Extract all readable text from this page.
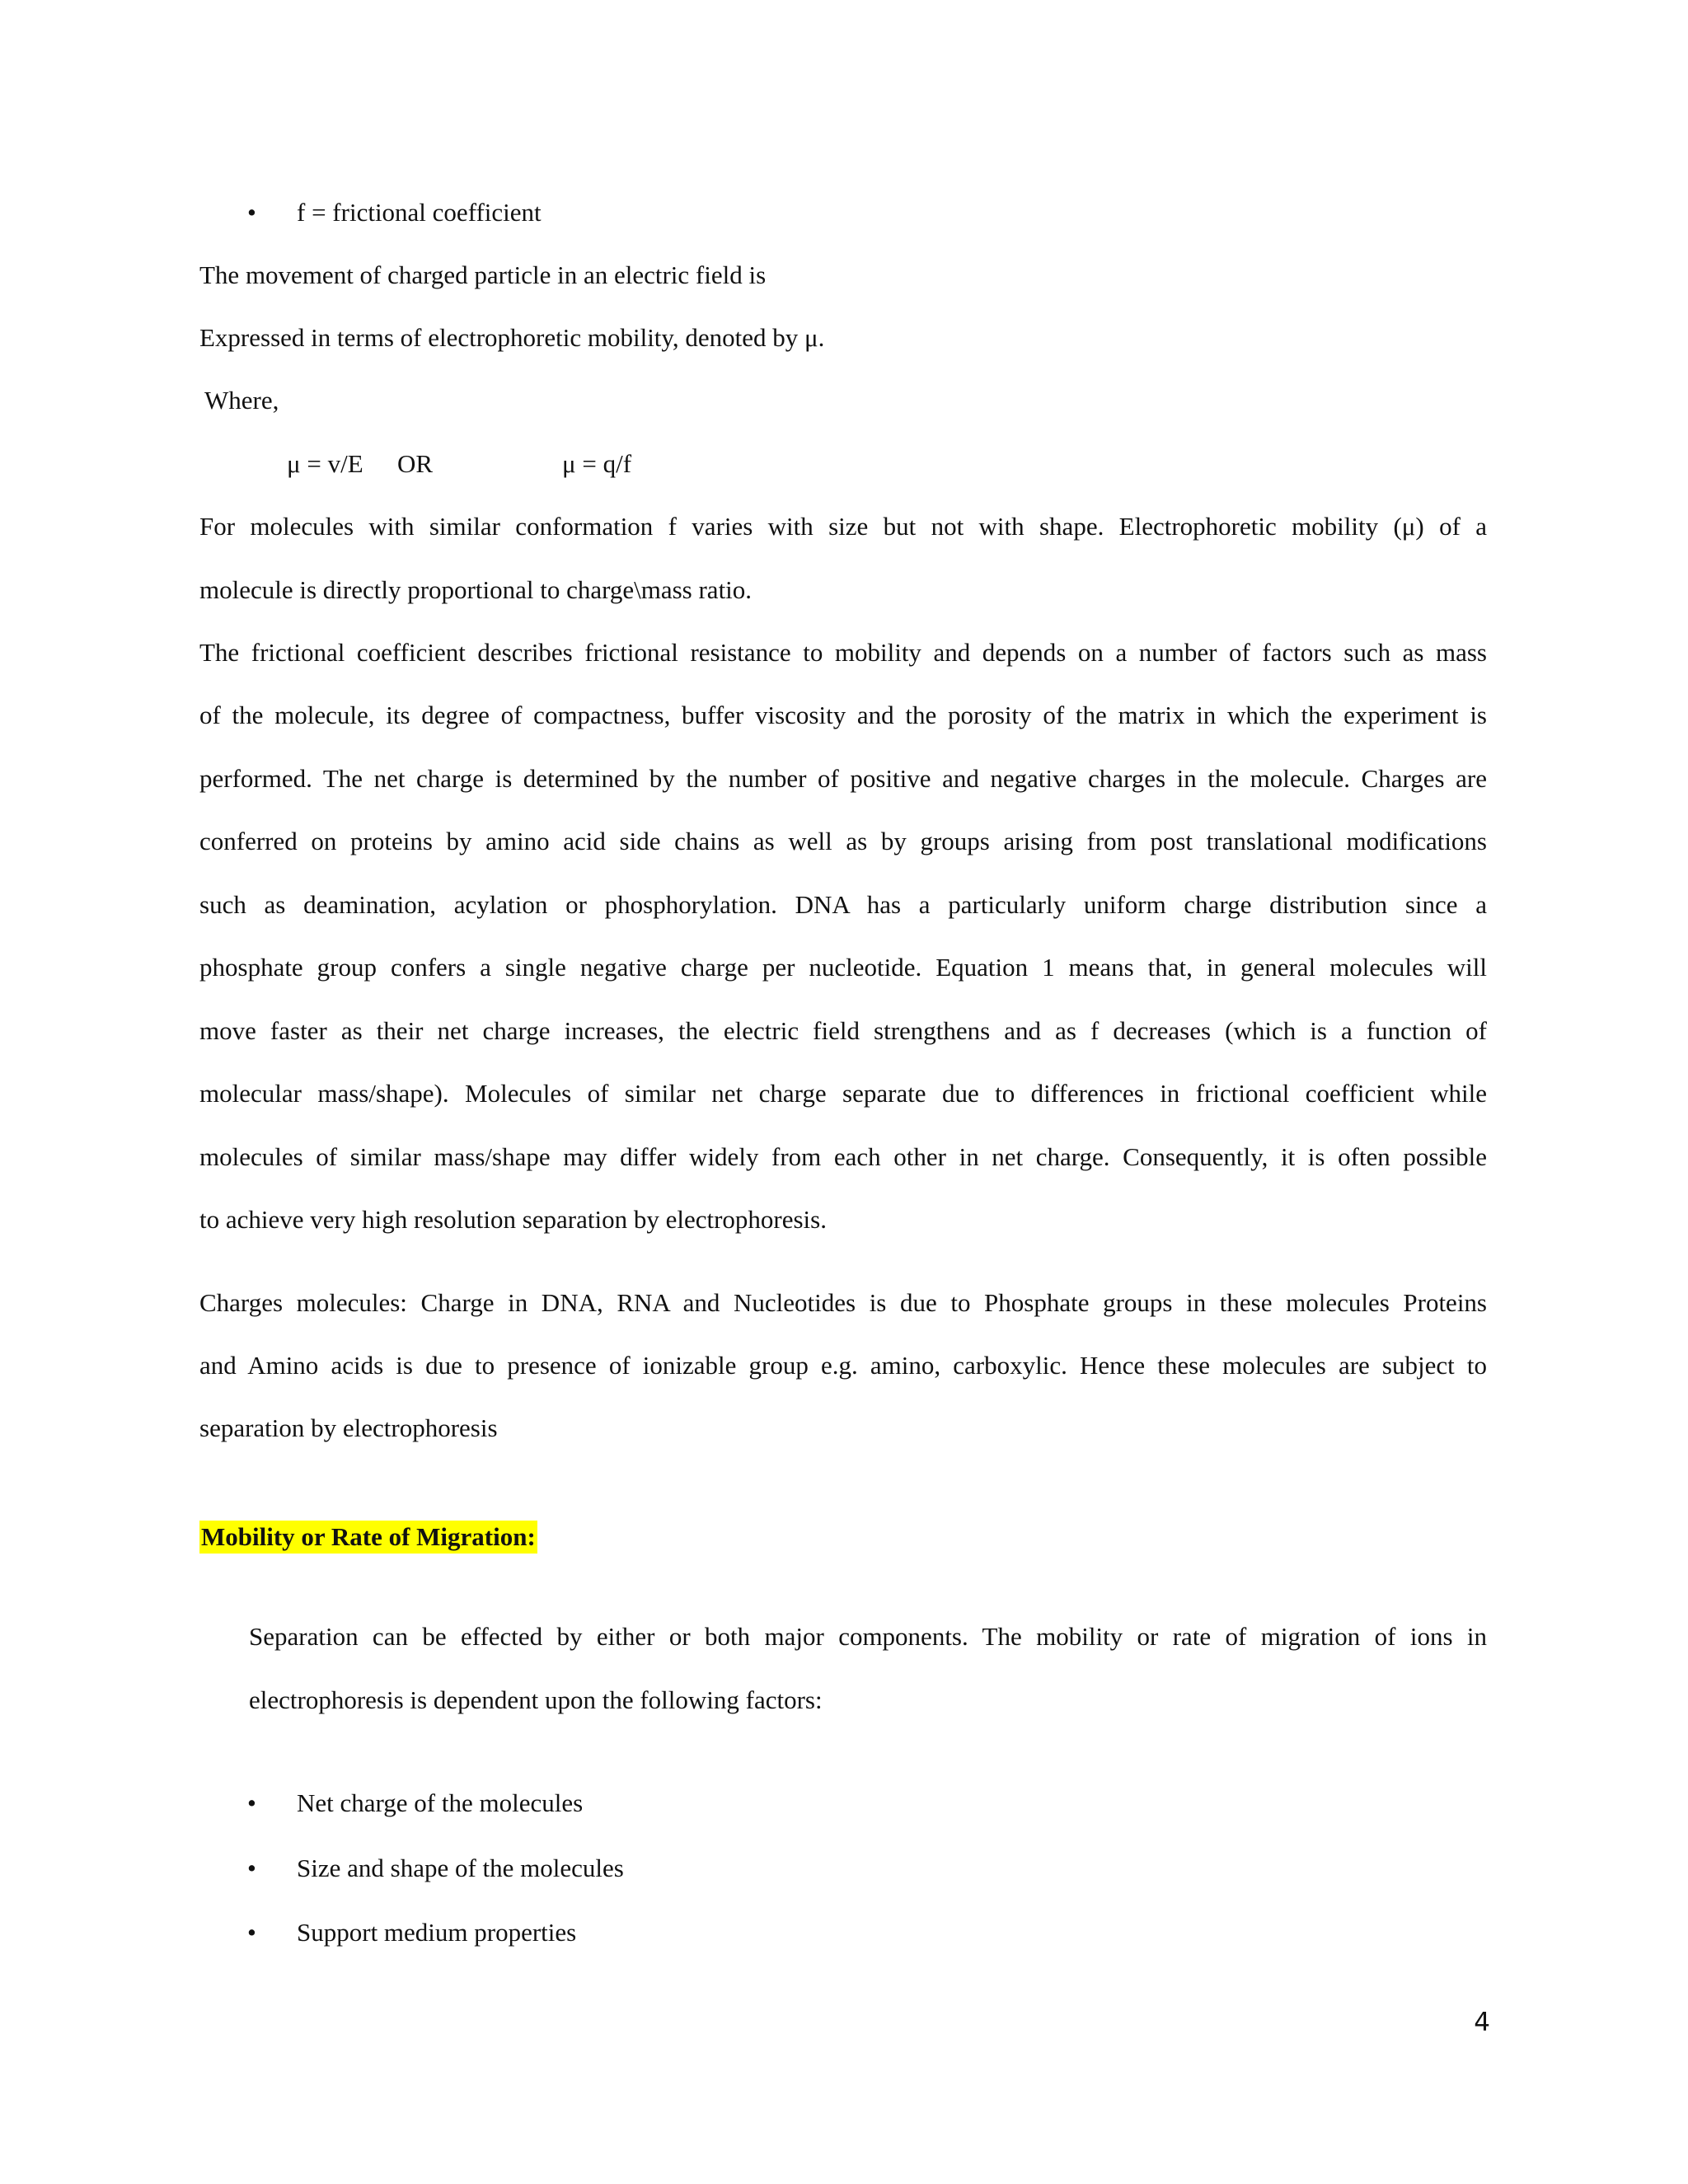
• f = frictional coefficient
The movement of charged particle in an electric field is
Expressed in terms of electrophoretic mobility, denoted by μ.
Where,
μ = v/E OR	μ = q/f
For molecules with similar conformation f varies with size but not with shape. Electrophoretic mobility (μ) of a
molecule is directly proportional to charge\mass ratio.
The frictional coefficient describes frictional resistance to mobility and depends on a number of factors such as mass
of the molecule, its degree of compactness, buffer viscosity and the porosity of the matrix in which the experiment is
performed. The net charge is determined by the number of positive and negative charges in the molecule. Charges are
conferred on proteins by amino acid side chains as well as by groups arising from post translational modifications
such as deamination, acylation or phosphorylation. DNA has a particularly uniform charge distribution since a
phosphate group confers a single negative charge per nucleotide. Equation 1 means that, in general molecules will
move faster as their net charge increases, the electric field strengthens and as f decreases (which is a function of
molecular mass/shape). Molecules of similar net charge separate due to differences in frictional coefficient while
molecules of similar mass/shape may differ widely from each other in net charge. Consequently, it is often possible
to achieve very high resolution separation by electrophoresis.
Charges molecules: Charge in DNA, RNA and Nucleotides is due to Phosphate groups in these molecules Proteins
and Amino acids is due to presence of ionizable group e.g. amino, carboxylic. Hence these molecules are subject to
separation by electrophoresis
Mobility or Rate of Migration:
Separation can be effected by either or both major components. The mobility or rate of migration of ions in
electrophoresis is dependent upon the following factors:
• Net charge of the molecules
• Size and shape of the molecules
• Support medium properties
4
